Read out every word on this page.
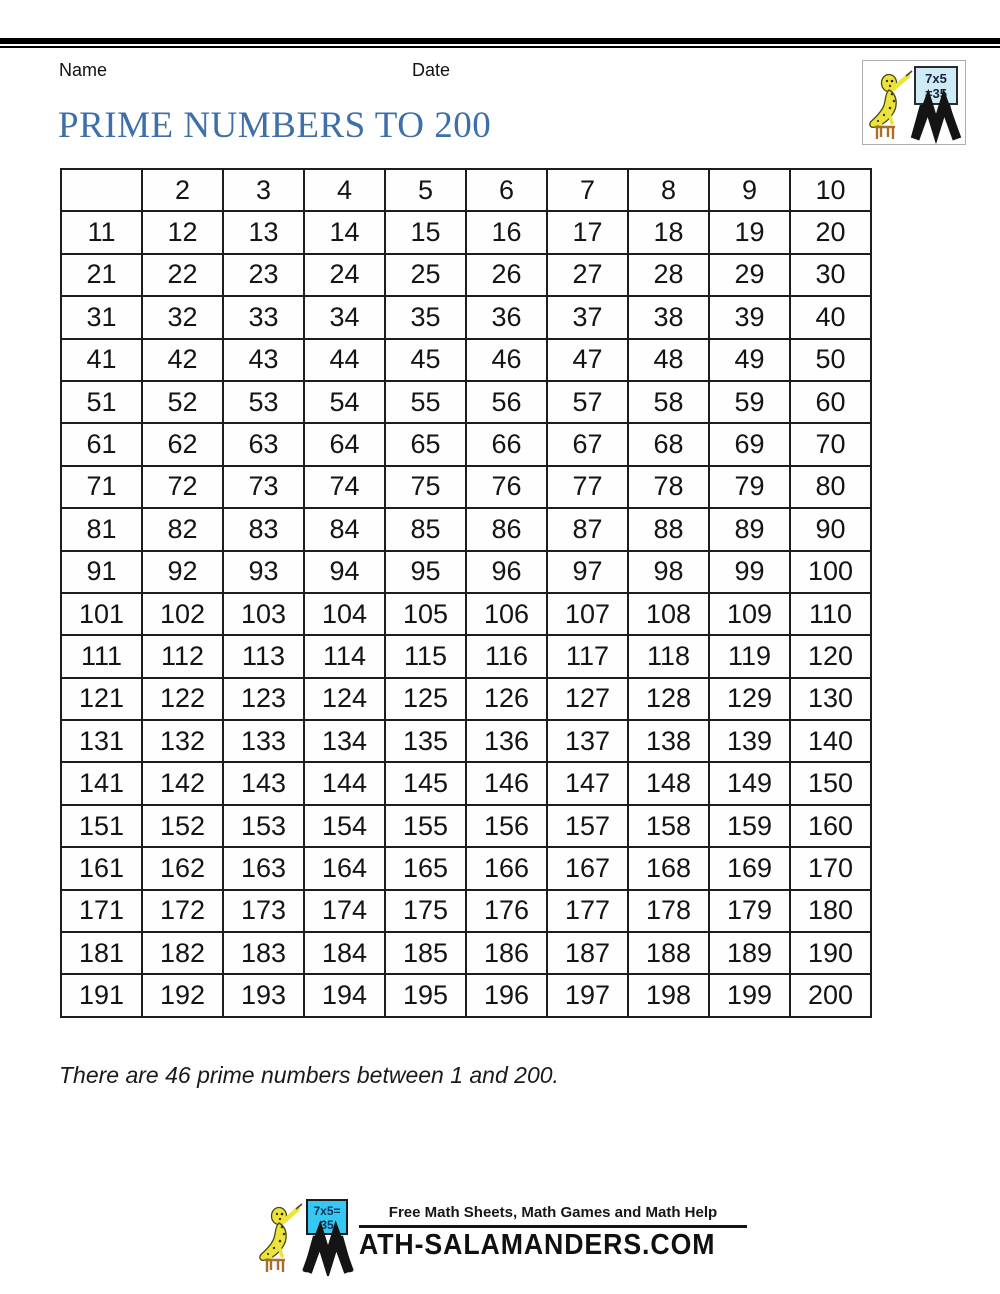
Name	Date	7x5
=35
PRIME NUMBERS TO 200
	2	3	4	5	6	7	8	9	10
11	12	13	14	15	16	17	18	19	20
21	22	23	24	25	26	27	28	29	30
31	32	33	34	35	36	37	38	39	40
41	42	43	44	45	46	47	48	49	50
51	52	53	54	55	56	57	58	59	60
61	62	63	64	65	66	67	68	69	70
71	72	73	74	75	76	77	78	79	80
81	82	83	84	85	86	87	88	89	90
91	92	93	94	95	96	97	98	99	100
101	102	103	104	105	106	107	108	109	110
111	112	113	114	115	116	117	118	119	120
121	122	123	124	125	126	127	128	129	130
131	132	133	134	135	136	137	138	139	140
141	142	143	144	145	146	147	148	149	150
151	152	153	154	155	156	157	158	159	160
161	162	163	164	165	166	167	168	169	170
171	172	173	174	175	176	177	178	179	180
181	182	183	184	185	186	187	188	189	190
191	192	193	194	195	196	197	198	199	200
There are 46 prime numbers between 1 and 200.
7x5=
35
Free Math Sheets, Math Games and Math Help
ATH-SALAMANDERS.COM
